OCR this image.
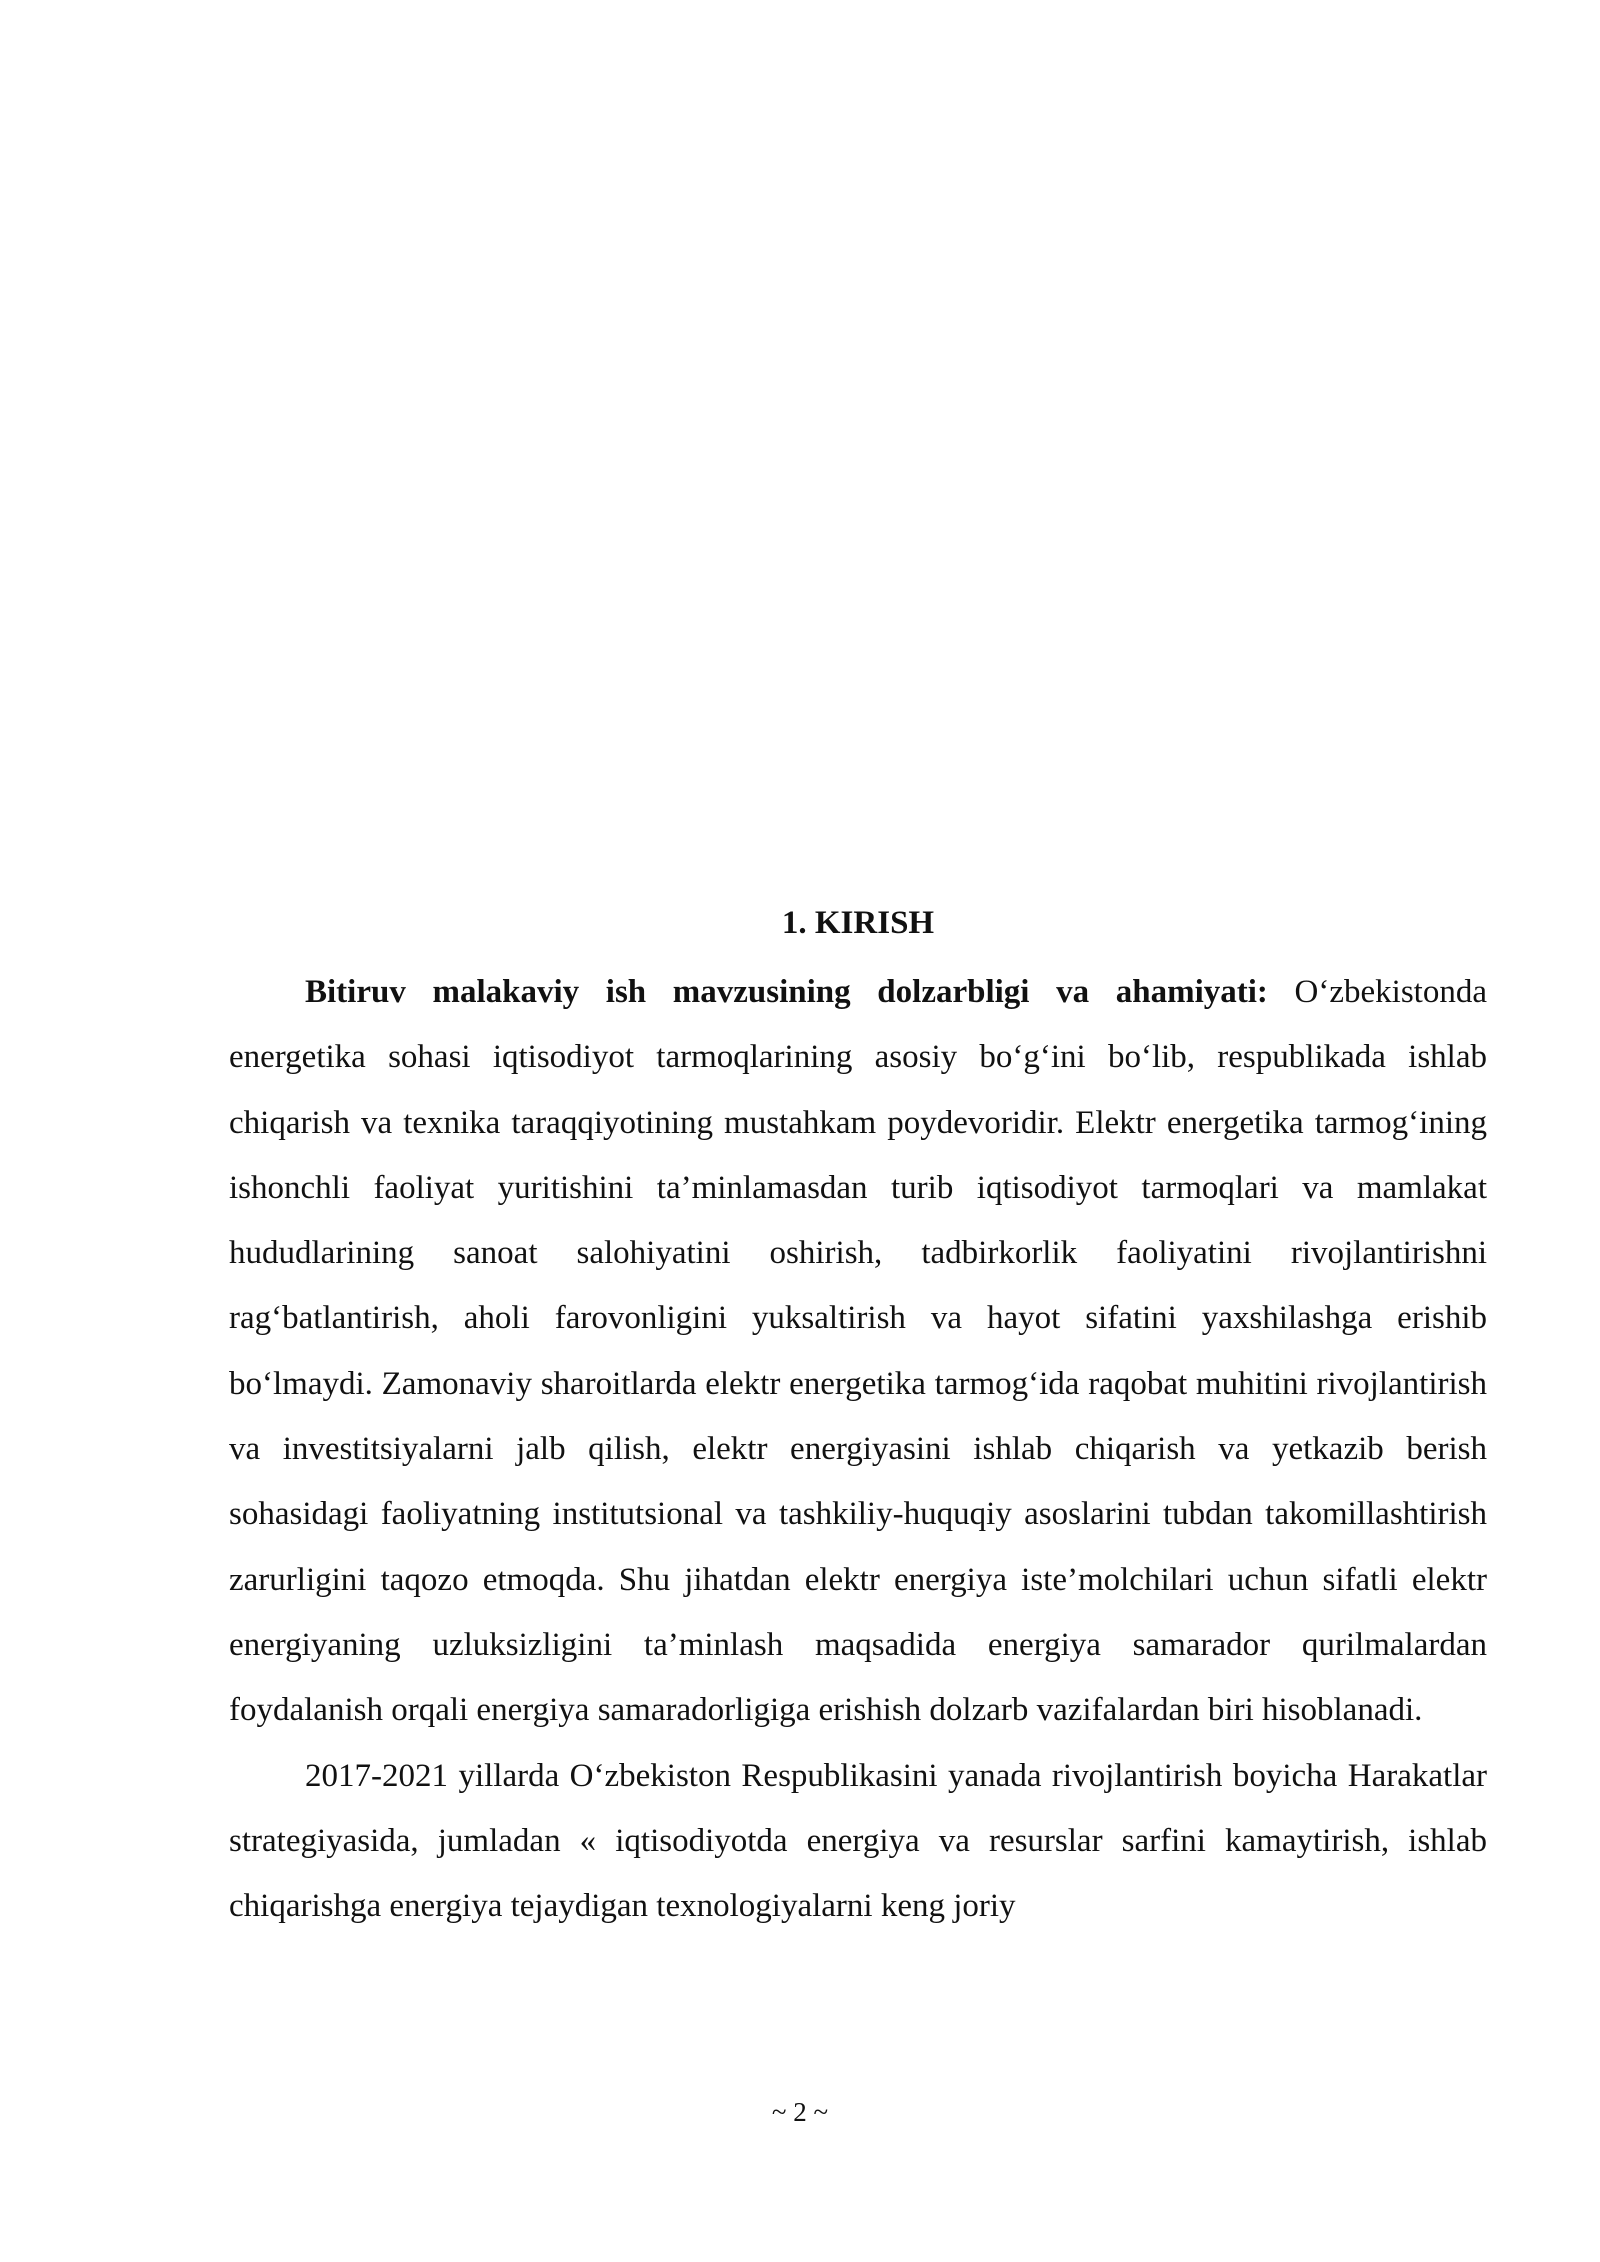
1. KIRISH

Bitiruv malakaviy ish mavzusining dolzarbligi va ahamiyati: O‘zbekistonda energetika sohasi iqtisodiyot tarmoqlarining asosiy bo‘g‘ini bo‘lib, respublikada ishlab chiqarish va texnika taraqqiyotining mustahkam poydevoridir. Elektr energetika tarmog‘ining ishonchli faoliyat yuritishini ta’minlamasdan turib iqtisodiyot tarmoqlari va mamlakat hududlarining sanoat salohiyatini oshirish, tadbirkorlik faoliyatini rivojlantirishni rag‘batlantirish, aholi farovonligini yuksaltirish va hayot sifatini yaxshilashga erishib bo‘lmaydi. Zamonaviy sharoitlarda elektr energetika tarmog‘ida raqobat muhitini rivojlantirish va investitsiyalarni jalb qilish, elektr energiyasini ishlab chiqarish va yetkazib berish sohasidagi faoliyatning institutsional va tashkiliy-huquqiy asoslarini tubdan takomillashtirish zarurligini taqozo etmoqda. Shu jihatdan elektr energiya iste’molchilari uchun sifatli elektr energiyaning uzluksizligini ta’minlash maqsadida energiya samarador qurilmalardan foydalanish orqali energiya samaradorligiga erishish dolzarb vazifalardan biri hisoblanadi.

2017-2021 yillarda O‘zbekiston Respublikasini yanada rivojlantirish boyicha Harakatlar strategiyasida, jumladan « iqtisodiyotda energiya va resurslar sarfini kamaytirish, ishlab chiqarishga energiya tejaydigan texnologiyalarni keng joriy

~ 2 ~
